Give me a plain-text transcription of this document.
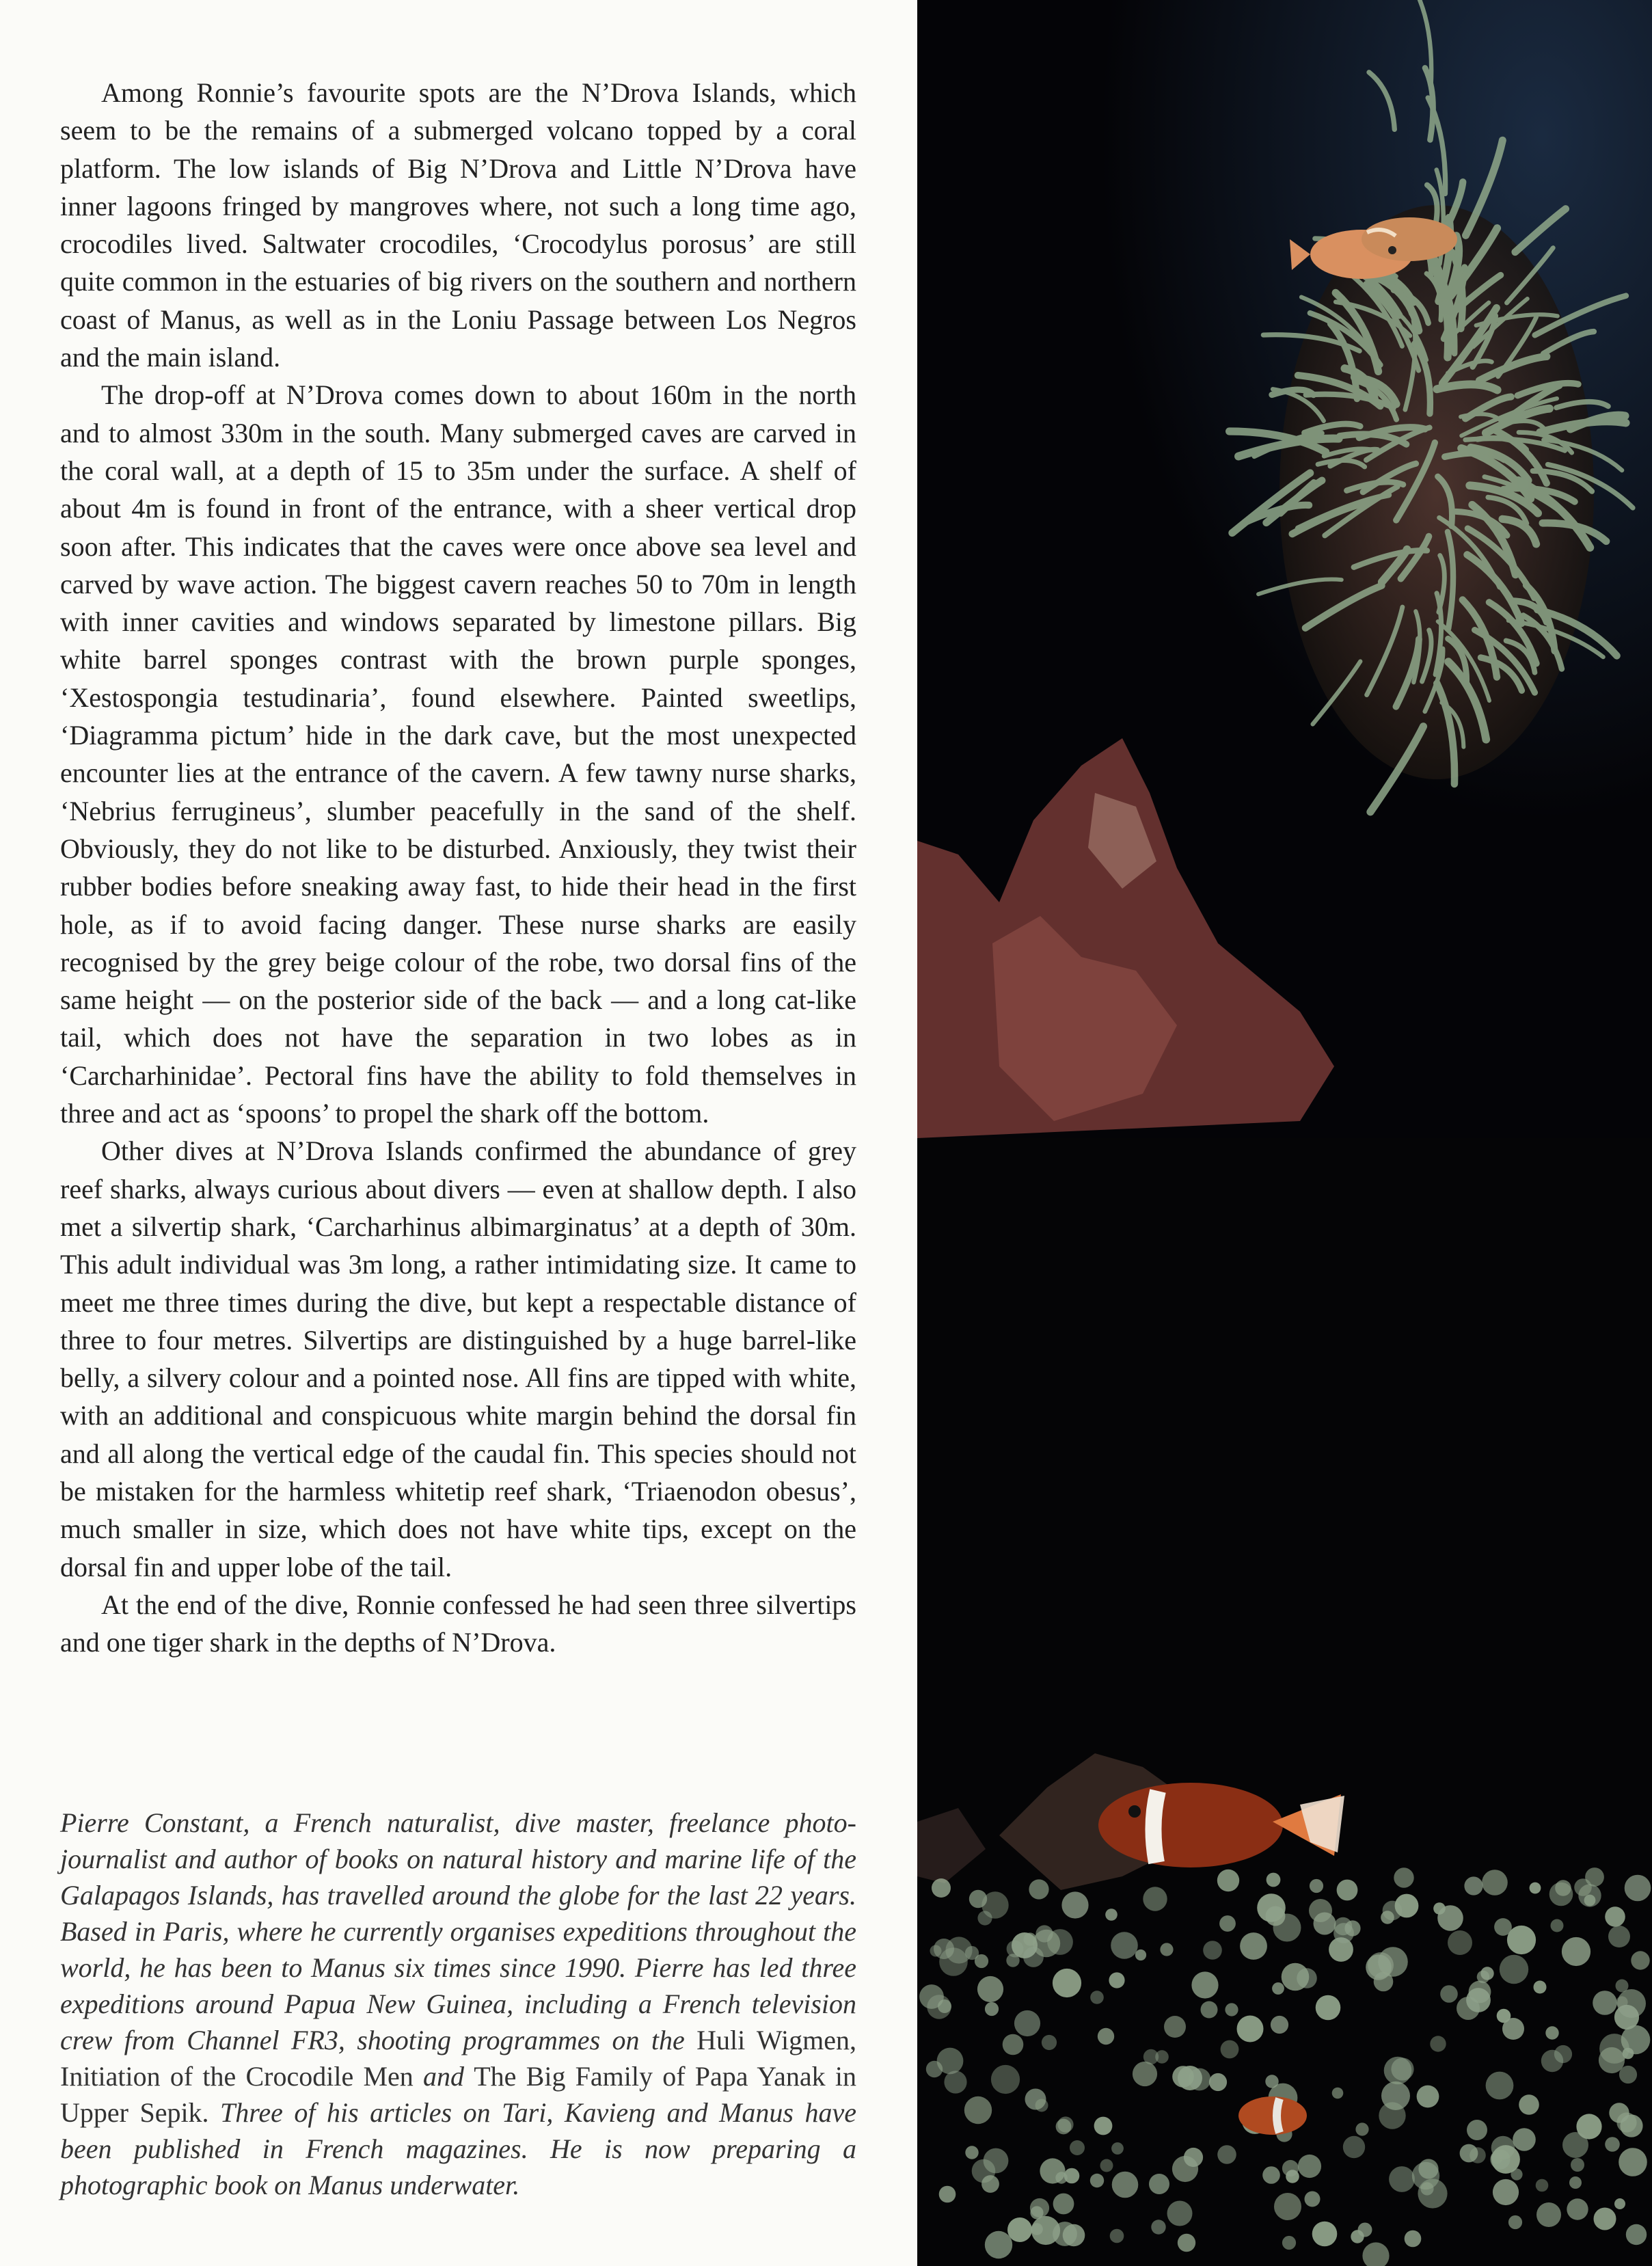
Among Ronnie’s favourite spots are the N’Drova Islands, which seem to be the remains of a submerged volcano topped by a coral platform. The low islands of Big N’Drova and Little N’Drova have inner lagoons fringed by mangroves where, not such a long time ago, crocodiles lived. Saltwater crocodiles, ‘Crocodylus porosus’ are still quite common in the estuaries of big rivers on the southern and northern coast of Manus, as well as in the Loniu Passage between Los Negros and the main island.

The drop-off at N’Drova comes down to about 160m in the north and to almost 330m in the south. Many submerged caves are carved in the coral wall, at a depth of 15 to 35m under the surface. A shelf of about 4m is found in front of the entrance, with a sheer vertical drop soon after. This indicates that the caves were once above sea level and carved by wave action. The biggest cavern reaches 50 to 70m in length with inner cavities and windows separated by limestone pillars. Big white barrel sponges contrast with the brown purple sponges, ‘Xestospongia testudinaria’, found elsewhere. Painted sweetlips, ‘Diagramma pictum’ hide in the dark cave, but the most unexpected encounter lies at the entrance of the cavern. A few tawny nurse sharks, ‘Nebrius ferrugineus’, slumber peacefully in the sand of the shelf. Obviously, they do not like to be disturbed. Anxiously, they twist their rubber bodies before sneaking away fast, to hide their head in the first hole, as if to avoid facing danger. These nurse sharks are easily recognised by the grey beige colour of the robe, two dorsal fins of the same height — on the posterior side of the back — and a long cat-like tail, which does not have the separation in two lobes as in ‘Carcharhinidae’. Pectoral fins have the ability to fold themselves in three and act as ‘spoons’ to propel the shark off the bottom.

Other dives at N’Drova Islands confirmed the abundance of grey reef sharks, always curious about divers — even at shallow depth. I also met a silvertip shark, ‘Carcharhinus albimarginatus’ at a depth of 30m. This adult individual was 3m long, a rather intimidating size. It came to meet me three times during the dive, but kept a respectable distance of three to four metres. Silvertips are distinguished by a huge barrel-like belly, a silvery colour and a pointed nose. All fins are tipped with white, with an additional and conspicuous white margin behind the dorsal fin and all along the vertical edge of the caudal fin. This species should not be mistaken for the harmless whitetip reef shark, ‘Triaenodon obesus’, much smaller in size, which does not have white tips, except on the dorsal fin and upper lobe of the tail.

At the end of the dive, Ronnie confessed he had seen three silvertips and one tiger shark in the depths of N’Drova.

Pierre Constant, a French naturalist, dive master, freelance photo-journalist and author of books on natural history and marine life of the Galapagos Islands, has travelled around the globe for the last 22 years. Based in Paris, where he currently organises expeditions throughout the world, he has been to Manus six times since 1990. Pierre has led three expeditions around Papua New Guinea, including a French television crew from Channel FR3, shooting programmes on the Huli Wigmen, Initiation of the Crocodile Men and The Big Family of Papa Yanak in Upper Sepik. Three of his articles on Tari, Kavieng and Manus have been published in French magazines. He is now preparing a photographic book on Manus underwater.
